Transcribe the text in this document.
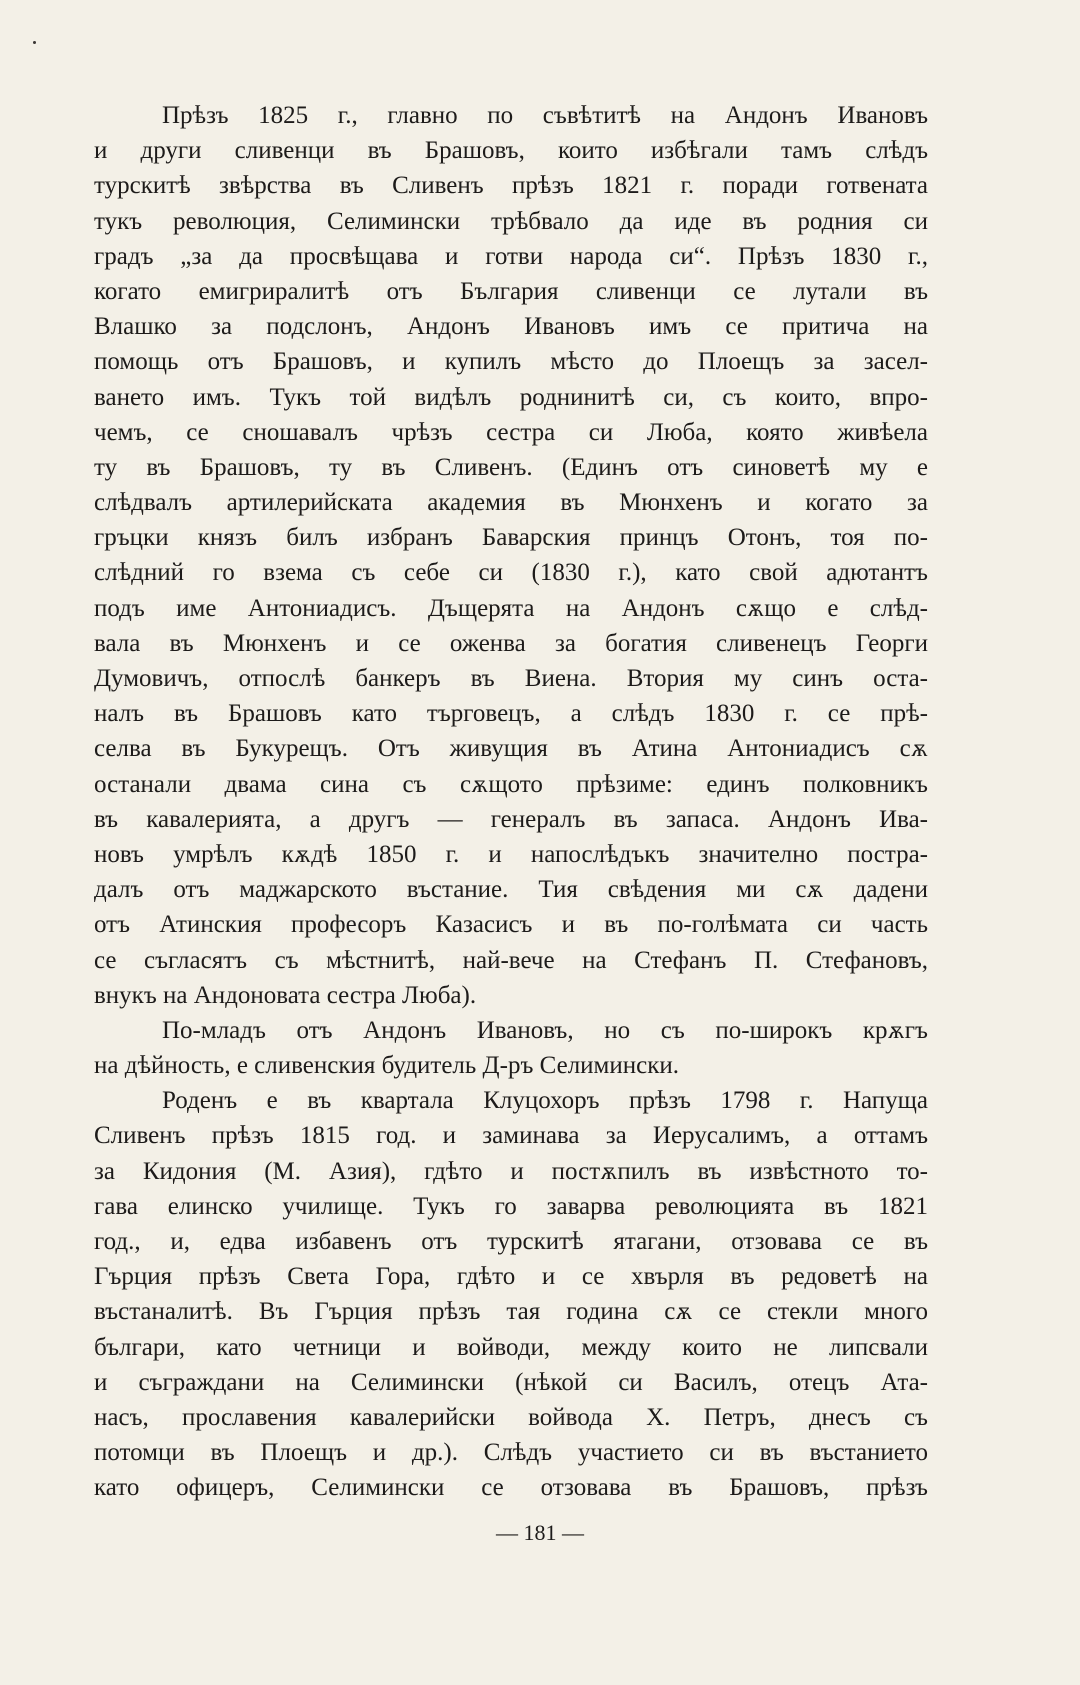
Прѣзъ 1825 г., главно по съвѣтитѣ на Андонъ Ивановъ
и други сливенци въ Брашовъ, които избѣгали тамъ слѣдъ
турскитѣ звѣрства въ Сливенъ прѣзъ 1821 г. поради готвената
тукъ революция, Селимински трѣбвало да иде въ родния си
градъ „за да просвѣщава и готви народа си“. Прѣзъ 1830 г.,
когато емигриралитѣ отъ България сливенци се лутали въ
Влашко за подслонъ, Андонъ Ивановъ имъ се притича на
помощь отъ Брашовъ, и купилъ мѣсто до Плоещъ за засел-
ването имъ. Тукъ той видѣлъ роднинитѣ си, съ които, впро-
чемъ, се сношавалъ чрѣзъ сестра си Люба, която живѣела
ту въ Брашовъ, ту въ Сливенъ. (Единъ отъ синоветѣ му е
слѣдвалъ артилерийската академия въ Мюнхенъ и когато за
гръцки князъ билъ избранъ Баварския принцъ Отонъ, тоя по-
слѣдний го взема съ себе си (1830 г.), като свой адютантъ
подъ име Антониадисъ. Дъщерята на Андонъ сѫщо е слѣд-
вала въ Мюнхенъ и се оженва за богатия сливенецъ Георги
Думовичъ, отпослѣ банкеръ въ Виена. Втория му синъ оста-
налъ въ Брашовъ като търговецъ, а слѣдъ 1830 г. се прѣ-
селва въ Букурещъ. Отъ живущия въ Атина Антониадисъ сѫ
останали двама сина съ сѫщото прѣзиме: единъ полковникъ
въ кавалерията, а другъ — генералъ въ запаса. Андонъ Ива-
новъ умрѣлъ кѫдѣ 1850 г. и напослѣдъкъ значително постра-
далъ отъ маджарското въстание. Тия свѣдения ми сѫ дадени
отъ Атинския професоръ Казасисъ и въ по-голѣмата си часть
се съгласятъ съ мѣстнитѣ, най-вече на Стефанъ П. Стефановъ,
внукъ на Андоновата сестра Люба).
По-младъ отъ Андонъ Ивановъ, но съ по-широкъ крѫгъ
на дѣйность, е сливенския будитель Д-ръ Селимински.
Роденъ е въ квартала Клуцохоръ прѣзъ 1798 г. Напуща
Сливенъ прѣзъ 1815 год. и заминава за Иерусалимъ, а оттамъ
за Кидония (М. Азия), гдѣто и постѫпилъ въ извѣстното то-
гава елинско училище. Тукъ го заварва революцията въ 1821
год., и, едва избавенъ отъ турскитѣ ятагани, отзовава се въ
Гърция прѣзъ Света Гора, гдѣто и се хвърля въ редоветѣ на
въстаналитѣ. Въ Гърция прѣзъ тая година сѫ се стекли много
българи, като четници и войводи, между които не липсвали
и съграждани на Селимински (нѣкой си Василъ, отецъ Ата-
насъ, прославения кавалерийски войвода Х. Петръ, днесъ съ
потомци въ Плоещъ и др.). Слѣдъ участието си въ въстанието
като офицеръ, Селимински се отзовава въ Брашовъ, прѣзъ
— 181 —
